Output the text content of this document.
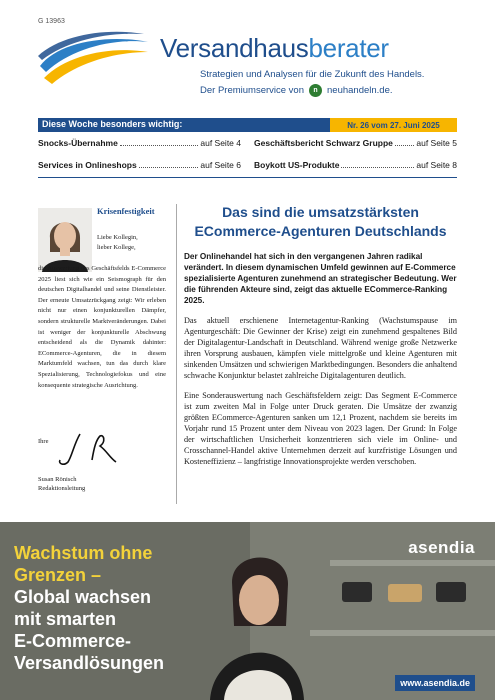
G 13963
Versandhausberater
Strategien und Analysen für die Zukunft des Handels.
Der Premiumservice von	n neuhandeln.de.
Diese Woche besonders wichtig:	Nr. 26 vom 27. Juni 2025
Snocks-Übernahme	auf Seite 4
Services in Onlineshops	auf Seite 6
Geschäftsbericht Schwarz Gruppe	auf Seite 5
Boykott US-Produkte	auf Seite 8
Krisenfestigkeit
Liebe Kollegin,
lieber Kollege,

die Auswertung des Geschäftsfelds E-Commerce 2025 liest sich wie ein Seismograph für den deutschen Digitalhandel und seine Dienstleister. Der erneute Umsatzrückgang zeigt: Wir erleben nicht nur einen konjunkturellen Dämpfer, sondern strukturelle Marktveränderungen. Dabei ist weniger der konjunkturelle Abschwung entscheidend als die Dynamik dahinter: ECommerce-Agenturen, die in diesem Marktumfeld wachsen, tun das durch klare Spezialisierung, Technologiefokus und eine konsequente strategische Ausrichtung.

Ihre
Susan Rönisch
Redaktionsleitung
Das sind die umsatzstärksten ECommerce-Agenturen Deutschlands

Der Onlinehandel hat sich in den vergangenen Jahren radikal verändert. In diesem dynamischen Umfeld gewinnen auf E-Commerce spezialisierte Agenturen zunehmend an strategischer Bedeutung. Wer die führenden Akteure sind, zeigt das aktuelle ECommerce-Ranking 2025.

Das aktuell erschienene Internetagentur-Ranking (Wachstumspause im Agenturgeschäft: Die Gewinner der Krise) zeigt ein zunehmend gespaltenes Bild der Digitalagentur-Landschaft in Deutschland. Während wenige große Netzwerke ihren Vorsprung ausbauen, kämpfen viele mittelgroße und kleine Agenturen mit sinkenden Umsätzen und schwierigen Marktbedingungen. Besonders die anhaltend schwache Konjunktur belastet zahlreiche Digitalagenturen deutlich.

Eine Sonderauswertung nach Geschäftsfeldern zeigt: Das Segment E-Commerce ist zum zweiten Mal in Folge unter Druck geraten. Die Umsätze der zwanzig größten ECommerce-Agenturen sanken um 12,1 Prozent, nachdem sie bereits im Vorjahr rund 15 Prozent unter dem Niveau von 2023 lagen. Der Grund: In Folge der wirtschaftlichen Unsicherheit konzentrieren sich viele im Online- und Crosschannel-Handel aktive Unternehmen derzeit auf kurzfristige Lösungen und Kosteneffizienz – langfristige Innovationsprojekte werden verschoben.

Wachstum ohne
Grenzen –
Global wachsen
mit smarten
E-Commerce-
Versandlösungen
asendia
www.asendia.de
